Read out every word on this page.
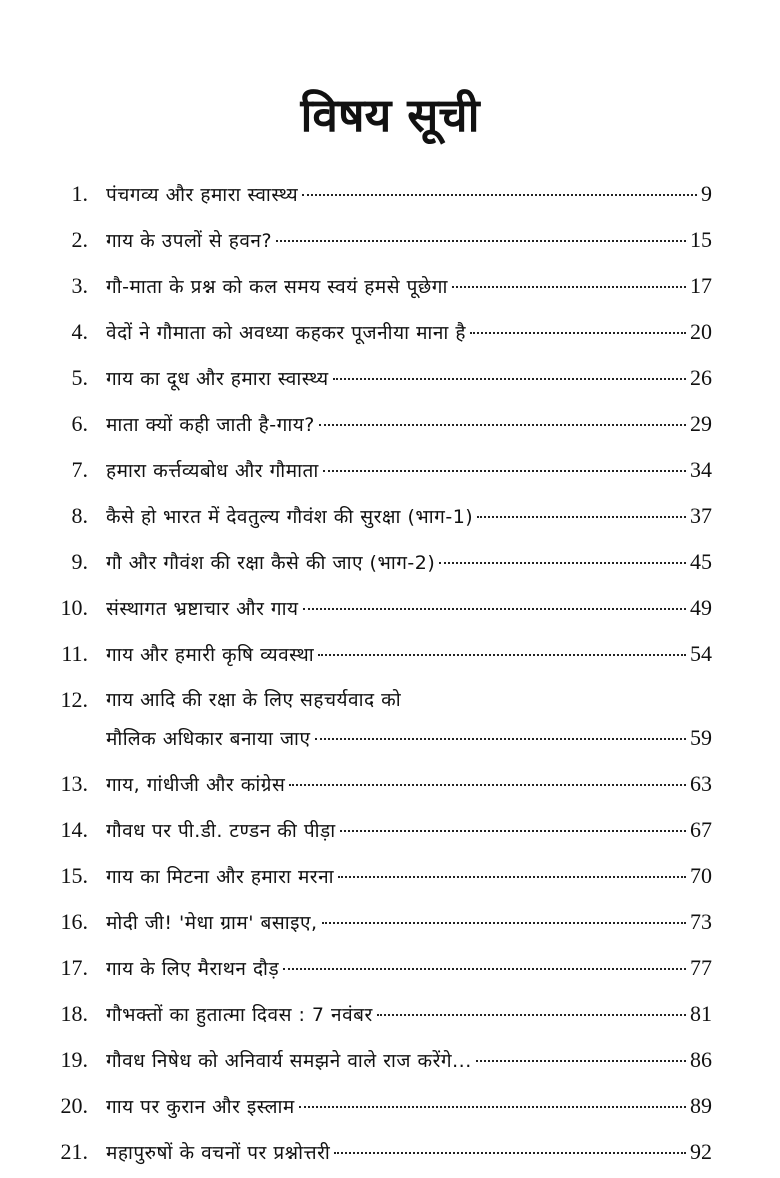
विषय सूची
1. पंचगव्य और हमारा स्वास्थ्य	9
2. गाय के उपलों से हवन?	15
3. गौ-माता के प्रश्न को कल समय स्वयं हमसे पूछेगा	17
4. वेदों ने गौमाता को अवध्या कहकर पूजनीया माना है	20
5. गाय का दूध और हमारा स्वास्थ्य	26
6. माता क्यों कही जाती है-गाय?	29
7. हमारा कर्त्तव्यबोध और गौमाता	34
8. कैसे हो भारत में देवतुल्य गौवंश की सुरक्षा (भाग-1)	37
9. गौ और गौवंश की रक्षा कैसे की जाए (भाग-2)	45
10. संस्थागत भ्रष्टाचार और गाय	49
11. गाय और हमारी कृषि व्यवस्था	54
12. गाय आदि की रक्षा के लिए सहचर्यवाद को
मौलिक अधिकार बनाया जाए	59
13. गाय, गांधीजी और कांग्रेस	63
14. गौवध पर पी.डी. टण्डन की पीड़ा	67
15. गाय का मिटना और हमारा मरना	70
16. मोदी जी! 'मेधा ग्राम' बसाइए,	73
17. गाय के लिए मैराथन दौड़	77
18. गौभक्तों का हुतात्मा दिवस : 7 नवंबर	81
19. गौवध निषेध को अनिवार्य समझने वाले राज करेंगे...	86
20. गाय पर कुरान और इस्लाम	89
21. महापुरुषों के वचनों पर प्रश्नोत्तरी	92
